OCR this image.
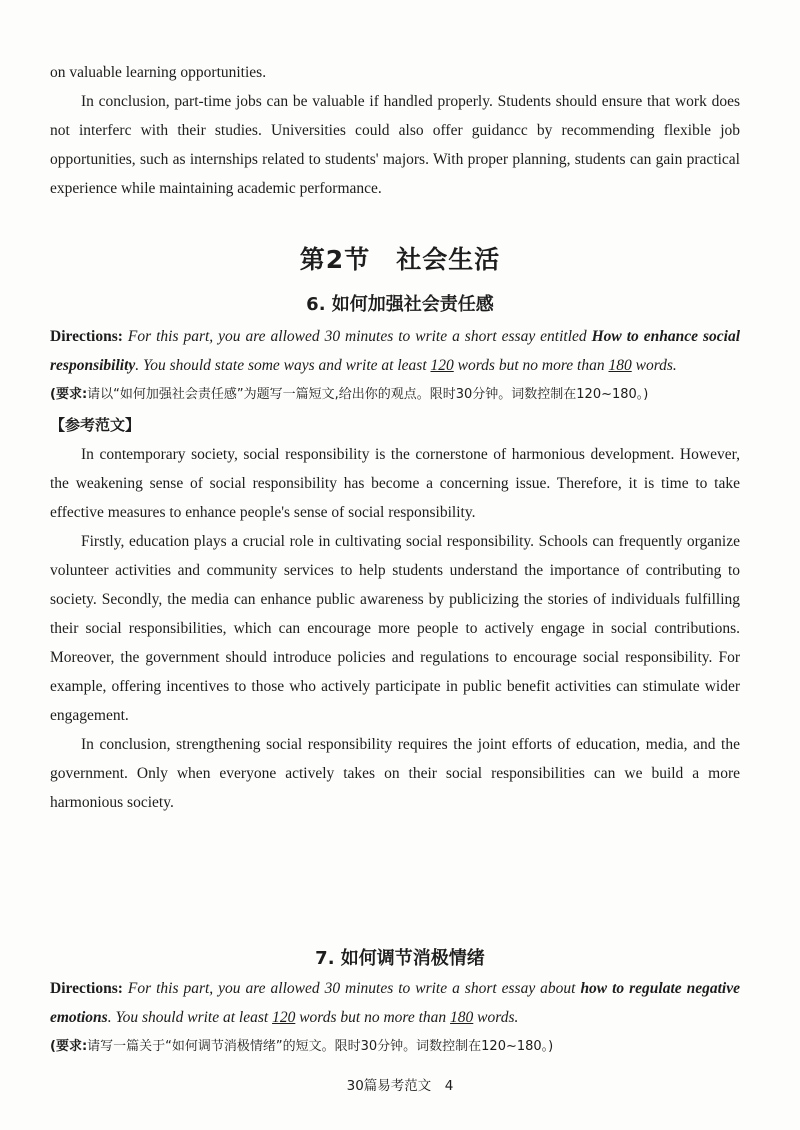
on valuable learning opportunities.

In conclusion, part-time jobs can be valuable if handled properly. Students should ensure that work does not interferc with their studies. Universities could also offer guidancc by recommending flexible job opportunities, such as internships related to students' majors. With proper planning, students can gain practical experience while maintaining academic performance.

第2节　社会生活
6. 如何加强社会责任感

Directions: For this part, you are allowed 30 minutes to write a short essay entitled How to enhance social responsibility. You should state some ways and write at least 120 words but no more than 180 words.

(要求:请以“如何加强社会责任感”为题写一篇短文,给出你的观点。限时30分钟。词数控制在120~180。)

【参考范文】

In contemporary society, social responsibility is the cornerstone of harmonious development. However, the weakening sense of social responsibility has become a concerning issue. Therefore, it is time to take effective measures to enhance people's sense of social responsibility.

Firstly, education plays a crucial role in cultivating social responsibility. Schools can frequently organize volunteer activities and community services to help students understand the importance of contributing to society. Secondly, the media can enhance public awareness by publicizing the stories of individuals fulfilling their social responsibilities, which can encourage more people to actively engage in social contributions. Moreover, the government should introduce policies and regulations to encourage social responsibility. For example, offering incentives to those who actively participate in public benefit activities can stimulate wider engagement.

In conclusion, strengthening social responsibility requires the joint efforts of education, media, and the government. Only when everyone actively takes on their social responsibilities can we build a more harmonious society.

7. 如何调节消极情绪

Directions: For this part, you are allowed 30 minutes to write a short essay about how to regulate negative emotions. You should write at least 120 words but no more than 180 words.

(要求:请写一篇关于“如何调节消极情绪”的短文。限时30分钟。词数控制在120~180。)

30篇易考范文　4
